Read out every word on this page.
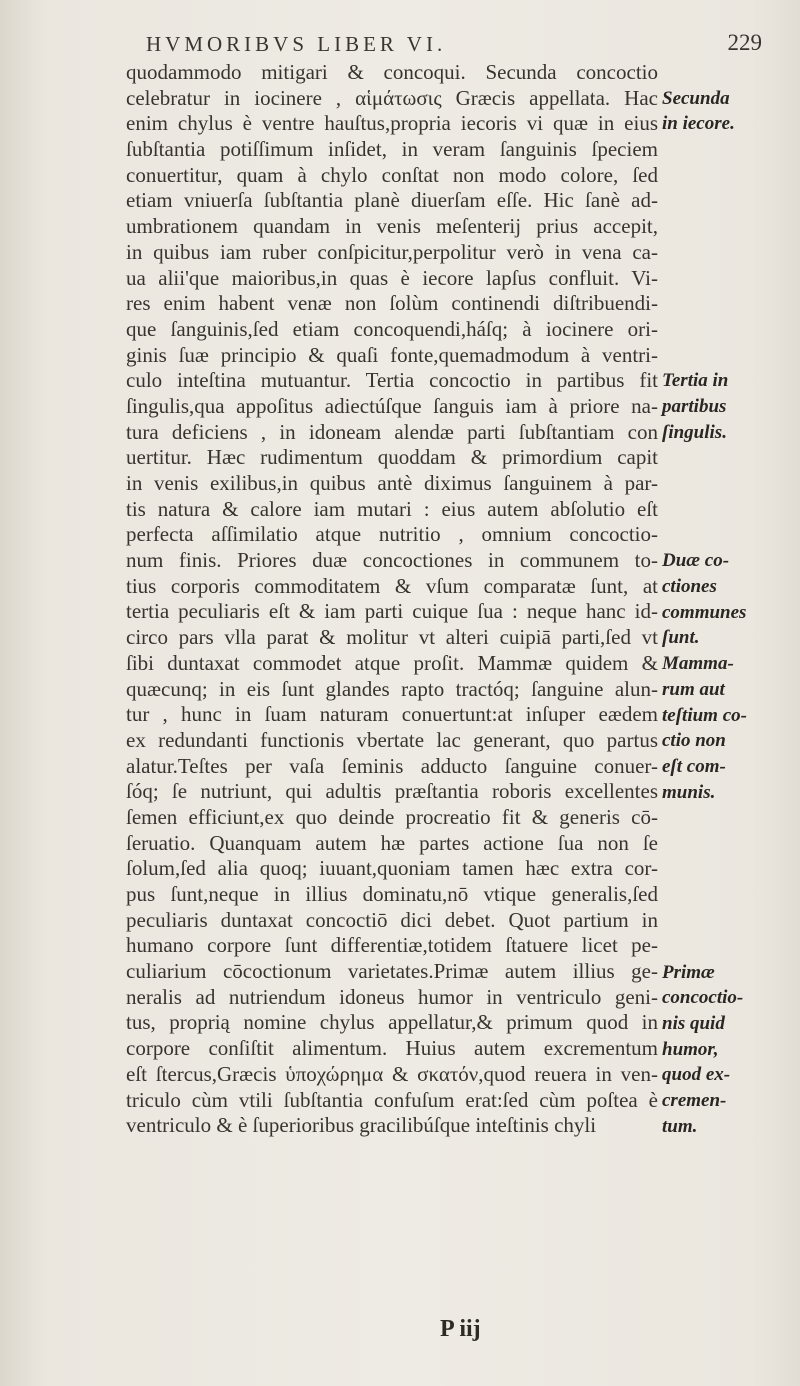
HVMORIBVS LIBER VI.	229
quodammodo mitigari & concoqui. Secunda concoctio
celebratur in iocinere , αἱμάτωσις Græcis appellata. Hac
enim chylus è ventre hauſtus,propria iecoris vi quæ in eius
ſubſtantia potiſſimum inſidet, in veram ſanguinis ſpeciem
conuertitur, quam à chylo conſtat non modo colore, ſed
etiam vniuerſa ſubſtantia planè diuerſam eſſe. Hic ſanè ad-
umbrationem quandam in venis meſenterij prius accepit,
in quibus iam ruber conſpicitur,perpolitur verò in vena ca-
ua alii'que maioribus,in quas è iecore lapſus confluit. Vi-
res enim habent venæ non ſolùm continendi diſtribuendi-
que ſanguinis,ſed etiam concoquendi,háſq; à iocinere ori-
ginis ſuæ principio & quaſi fonte,quemadmodum à ventri-
culo inteſtina mutuantur. Tertia concoctio in partibus fit
ſingulis,qua appoſitus adiectúſque ſanguis iam à priore na-
tura deficiens , in idoneam alendæ parti ſubſtantiam con
uertitur. Hæc rudimentum quoddam & primordium capit
in venis exilibus,in quibus antè diximus ſanguinem à par-
tis natura & calore iam mutari : eius autem abſolutio eſt
perfecta aſſimilatio atque nutritio , omnium concoctio-
num finis. Priores duæ concoctiones in communem to-
tius corporis commoditatem & vſum comparatæ ſunt, at
tertia peculiaris eſt & iam parti cuique ſua : neque hanc id-
circo pars vlla parat & molitur vt alteri cuipiā parti,ſed vt
ſibi duntaxat commodet atque proſit. Mammæ quidem &
quæcunq; in eis ſunt glandes rapto tractóq; ſanguine alun-
tur , hunc in ſuam naturam conuertunt:at inſuper eædem
ex redundanti functionis vbertate lac generant, quo partus
alatur.Teſtes per vaſa ſeminis adducto ſanguine conuer-
ſóq; ſe nutriunt, qui adultis præſtantia roboris excellentes
ſemen efficiunt,ex quo deinde procreatio fit & generis cō-
ſeruatio. Quanquam autem hæ partes actione ſua non ſe
ſolum,ſed alia quoq; iuuant,quoniam tamen hæc extra cor-
pus ſunt,neque in illius dominatu,nō vtique generalis,ſed
peculiaris duntaxat concoctiō dici debet. Quot partium in
humano corpore ſunt differentiæ,totidem ſtatuere licet pe-
culiarium cōcoctionum varietates.Primæ autem illius ge-
neralis ad nutriendum idoneus humor in ventriculo geni-
tus, proprią nomine chylus appellatur,& primum quod in
corpore conſiſtit alimentum. Huius autem excrementum
eſt ſtercus,Græcis ὑποχώρημα & σκατόν,quod reuera in ven-
triculo cùm vtili ſubſtantia confuſum erat:ſed cùm poſtea è
ventriculo & è ſuperioribus gracilibúſque inteſtinis chyli
Secunda
in iecore.
Tertia in
partibus
ſingulis.
Duæ co-
ctiones
communes
ſunt.
Mamma-
rum aut
teſtium co-
ctio non
eſt com-
munis.
Primæ
concoctio-
nis quid
humor,
quod ex-
cremen-
tum.
P iij
